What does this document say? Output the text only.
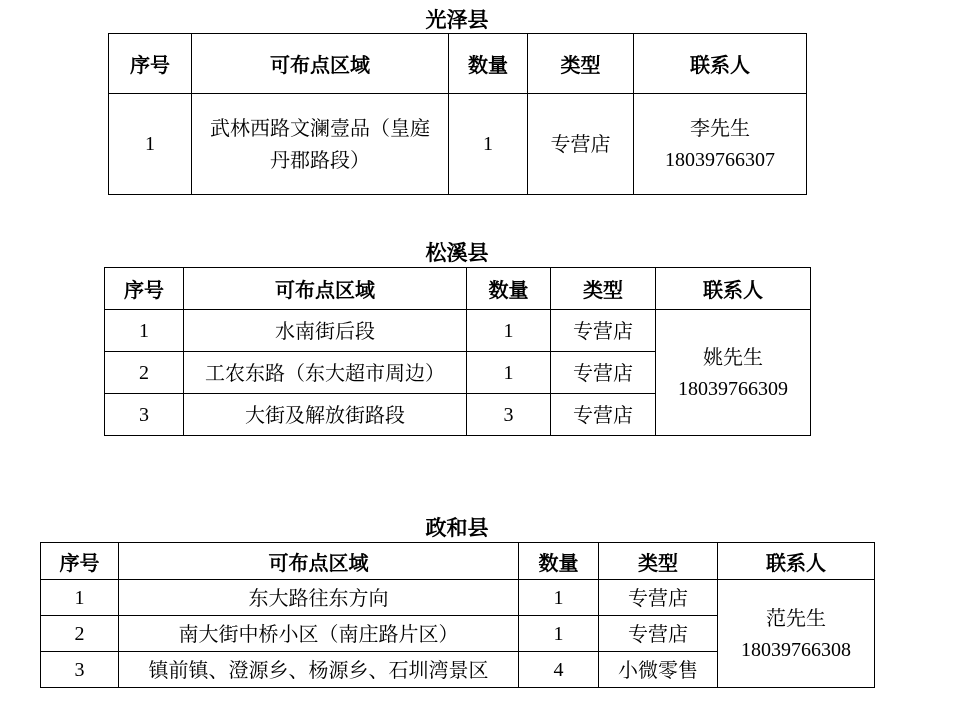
光泽县
序号	可布点区域	数量	类型	联系人
1	武林西路文澜壹品（皇庭丹郡路段）	1	专营店	李先生
18039766307
松溪县
序号	可布点区域	数量	类型	联系人
1	水南街后段	1	专营店	姚先生
18039766309

2	工农东路（东大超市周边）	1	专营店	
3	大街及解放街路段	3	专营店	
政和县
序号	可布点区域	数量	类型	联系人
1	东大路往东方向	1	专营店	范先生
18039766308

2	南大街中桥小区（南庄路片区）	1	专营店	
3	镇前镇、澄源乡、杨源乡、石圳湾景区	4	小微零售	
